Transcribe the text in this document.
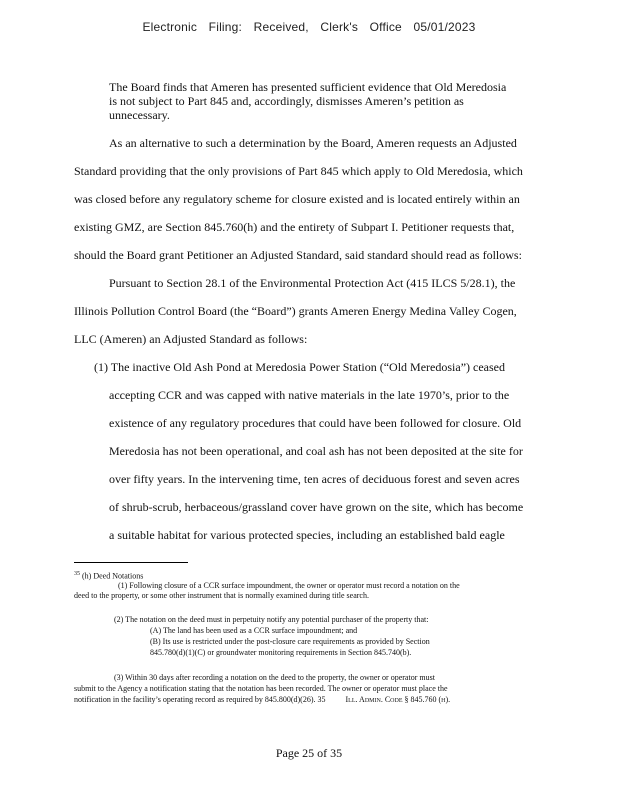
Electronic Filing: Received, Clerk's Office 05/01/2023
The Board finds that Ameren has presented sufficient evidence that Old Meredosia is not subject to Part 845 and, accordingly, dismisses Ameren’s petition as unnecessary.
As an alternative to such a determination by the Board, Ameren requests an Adjusted
Standard providing that the only provisions of Part 845 which apply to Old Meredosia, which
was closed before any regulatory scheme for closure existed and is located entirely within an
existing GMZ, are Section 845.760(h) and the entirety of Subpart I. Petitioner requests that,
should the Board grant Petitioner an Adjusted Standard, said standard should read as follows:
Pursuant to Section 28.1 of the Environmental Protection Act (415 ILCS 5/28.1), the
Illinois Pollution Control Board (the “Board”) grants Ameren Energy Medina Valley Cogen,
LLC (Ameren) an Adjusted Standard as follows:
(1) The inactive Old Ash Pond at Meredosia Power Station (“Old Meredosia”) ceased
accepting CCR and was capped with native materials in the late 1970’s, prior to the
existence of any regulatory procedures that could have been followed for closure. Old
Meredosia has not been operational, and coal ash has not been deposited at the site for
over fifty years. In the intervening time, ten acres of deciduous forest and seven acres
of shrub-scrub, herbaceous/grassland cover have grown on the site, which has become
a suitable habitat for various protected species, including an established bald eagle
$^{35}$ (h) Deed Notations
(1) Following closure of a CCR surface impoundment, the owner or operator must record a notation on the
deed to the property, or some other instrument that is normally examined during title search.
(2) The notation on the deed must in perpetuity notify any potential purchaser of the property that:
(A) The land has been used as a CCR surface impoundment; and
(B) Its use is restricted under the post-closure care requirements as provided by Section
845.780(d)(1)(C) or groundwater monitoring requirements in Section 845.740(b).
(3) Within 30 days after recording a notation on the deed to the property, the owner or operator must
submit to the Agency a notification stating that the notation has been recorded. The owner or operator must place the
notification in the facility’s operating record as required by 845.800(d)(26). 35	Ill. Admin. Code § 845.760 (h).
Page 25 of 35
